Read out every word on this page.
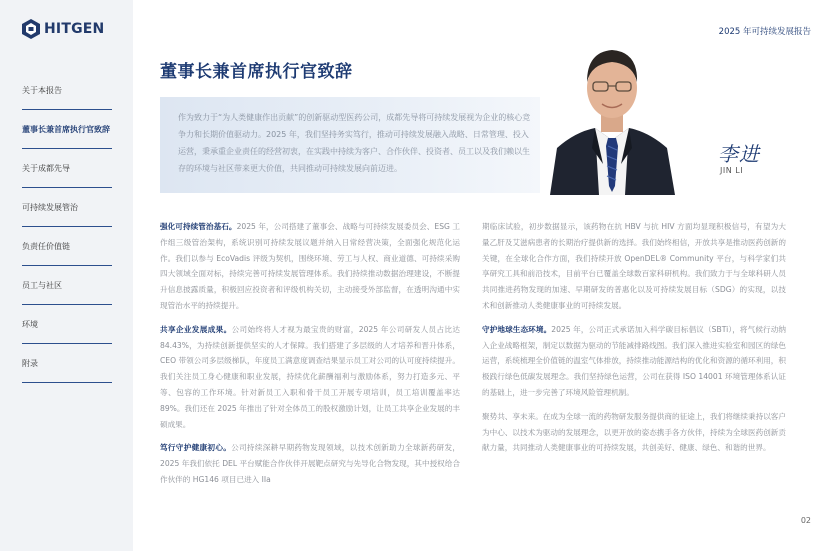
HITGEN
关于本报告
董事长兼首席执行官致辞
关于成都先导
可持续发展管治
负责任价值链
员工与社区
环境
附录
2025 年可持续发展报告
董事长兼首席执行官致辞
作为致力于“为人类健康作出贡献”的创新驱动型医药公司，成都先导将可持续发展视为企业的核心竞争力和长期价值驱动力。2025 年，我们坚持务实笃行，推动可持续发展融入战略、日常管理、投入运营，秉承重企业责任的经营初衷，在实践中持续为客户、合作伙伴、投资者、员工以及我们赖以生存的环境与社区带来更大价值，共同推动可持续发展向前迈进。
李进
JIN LI

强化可持续管治基石。2025 年，公司搭建了董事会、战略与可持续发展委员会、ESG 工作组三级管治架构，系统识别可持续发展议题并纳入日常经营决策，全面强化规范化运作。我们以参与 EcoVadis 评级为契机，围绕环境、劳工与人权、商业道德、可持续采购四大领域全面对标，持续完善可持续发展管理体系。我们持续推动数据治理建设，不断提升信息披露质量，积极回应投资者和评级机构关切，主动接受外部监督，在透明沟通中实现管治水平的持续提升。

共享企业发展成果。公司始终将人才视为最宝贵的财富，2025 年公司研发人员占比达 84.43%，为持续创新提供坚实的人才保障。我们搭建了多层级的人才培养和晋升体系，CEO 带领公司多层级梯队，年度员工满意度调查结果显示员工对公司的认可度持续提升。我们关注员工身心健康和职业发展，持续优化薪酬福利与激励体系，努力打造多元、平等、包容的工作环境。针对新员工入职和骨干员工开展专项培训，员工培训覆盖率达 89%。我们还在 2025 年推出了针对全体员工的股权激励计划，让员工共享企业发展的丰硕成果。

笃行守护健康初心。公司持续深耕早期药物发现领域，以技术创新助力全球新药研发，2025 年我们依托 DEL 平台赋能合作伙伴开展靶点研究与先导化合物发现，其中授权给合作伙伴的 HG146 项目已进入 IIa

期临床试验，初步数据显示，该药物在抗 HBV 与抗 HIV 方面均显现积极信号，有望为大量乙肝及艾滋病患者的长期治疗提供新的选择。我们始终相信，开放共享是推动医药创新的关键，在全球化合作方面，我们持续开放 OpenDEL® Community 平台，与科学家们共享研究工具和前沿技术，目前平台已覆盖全球数百家科研机构。我们致力于与全球科研人员共同推进药物发现的加速、早期研发的普惠化以及可持续发展目标（SDG）的实现，以技术和创新推动人类健康事业的可持续发展。

守护地球生态环境。2025 年，公司正式承诺加入科学碳目标倡议（SBTi），将气候行动纳入企业战略框架，制定以数据为驱动的节能减排路线图。我们深入推进实验室和园区的绿色运营，系统梳理全价值链的温室气体排放，持续推动能源结构的优化和资源的循环利用，积极践行绿色低碳发展理念。我们坚持绿色运营，公司在获得 ISO 14001 环境管理体系认证的基础上，进一步完善了环境风险管理机制。

聚势共、享未来。在成为全球一流的药物研发服务提供商的征途上，我们将继续秉持以客户为中心、以技术为驱动的发展理念，以更开放的姿态携手各方伙伴，持续为全球医药创新贡献力量，共同推动人类健康事业的可持续发展，共创美好、健康、绿色、和谐的世界。

02
